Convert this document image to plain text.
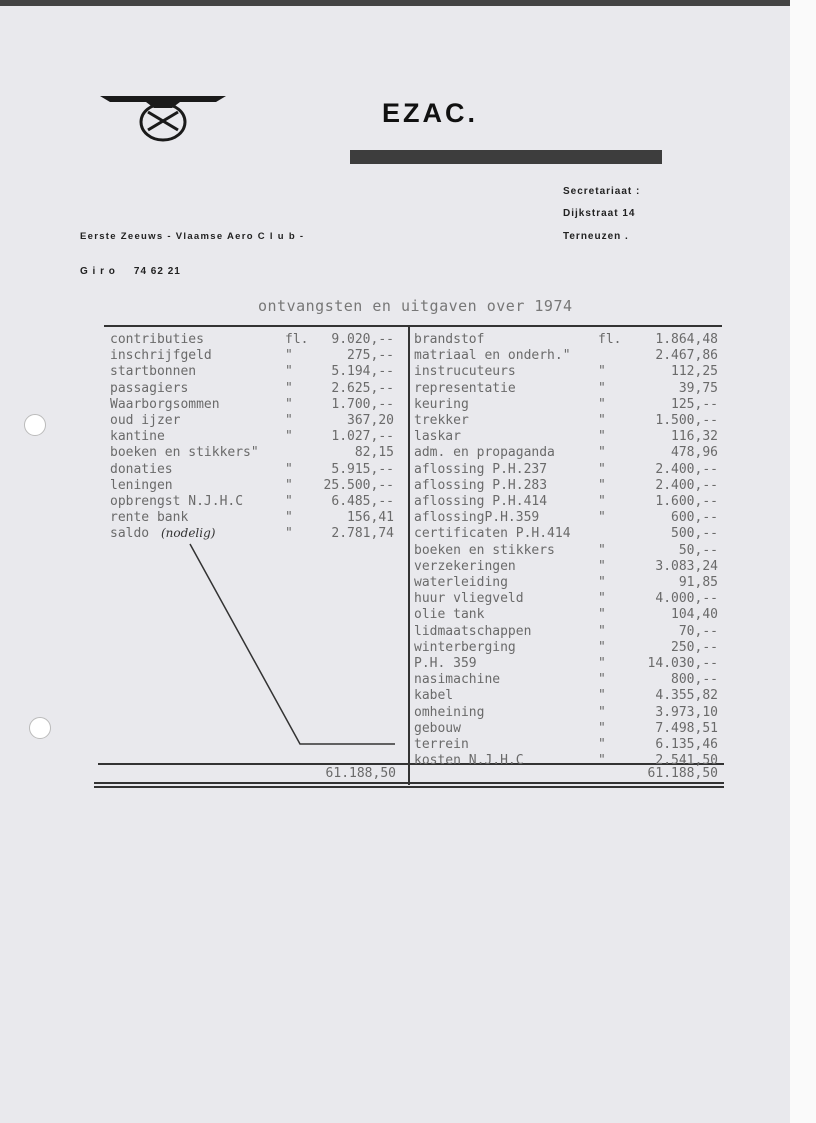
EZAC.
Secretariaat :
Dijkstraat 14
Terneuzen .
Eerste Zeeuws - Vlaamse Aero C l u b -
G i r o 74 62 21
ontvangsten en uitgaven over 1974
contributies	fl.	9.020,--
inschrijfgeld	"	275,--
startbonnen	"	5.194,--
passagiers	"	2.625,--
Waarborgsommen	"	1.700,--
oud ijzer	"	367,20
kantine	"	1.027,--
boeken en stikkers"	82,15
donaties	"	5.915,--
leningen	"	25.500,--
opbrengst N.J.H.C	"	6.485,--
rente bank	"	156,41
saldo	"	2.781,74
brandstof	fl.	1.864,48
matriaal en onderh."	2.467,86
instrucuteurs	"	112,25
representatie	"	39,75
keuring	"	125,--
trekker	"	1.500,--
laskar	"	116,32
adm. en propaganda	"	478,96
aflossing P.H.237	"	2.400,--
aflossing P.H.283	"	2.400,--
aflossing P.H.414	"	1.600,--
aflossingP.H.359	"	600,--
certificaten P.H.414	500,--
boeken en stikkers	"	50,--
verzekeringen	"	3.083,24
waterleiding	"	91,85
huur vliegveld	"	4.000,--
olie tank	"	104,40
lidmaatschappen	"	70,--
winterberging	"	250,--
P.H. 359	"	14.030,--
nasimachine	"	800,--
kabel	"	4.355,82
omheining	"	3.973,10
gebouw	"	7.498,51
terrein	"	6.135,46
kosten N.J.H.C	"	2.541,50
(nodelig)
61.188,50	61.188,50
